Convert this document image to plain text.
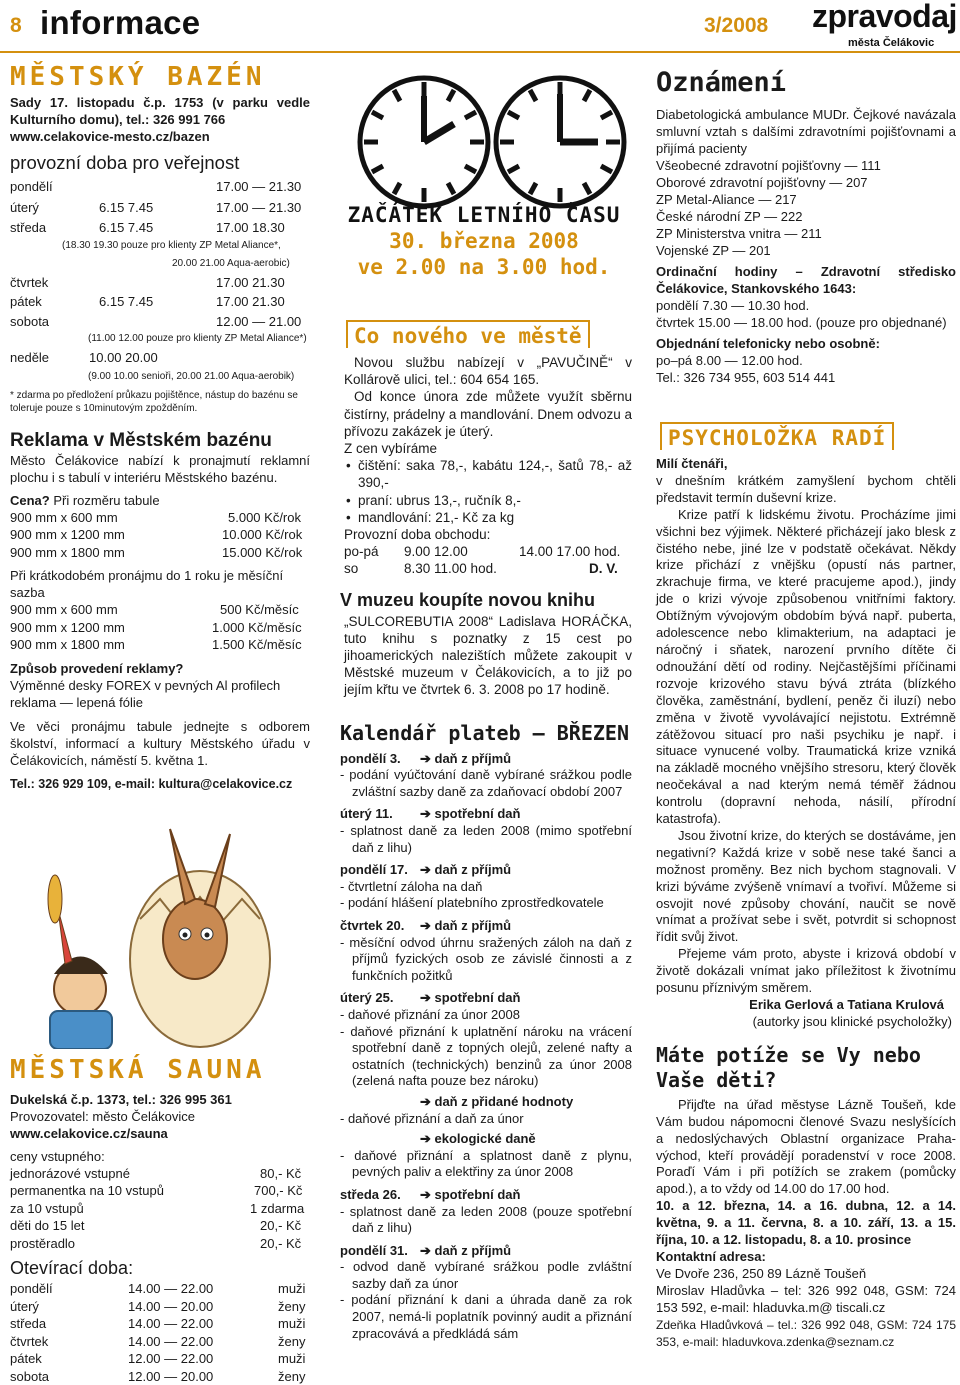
8 informace	3/2008 zpravodaj
města Čelákovic
MĚSTSKÝ BAZÉN
Sady 17. listopadu č.p. 1753 (v parku vedle Kulturního domu), tel.: 326 991 766
www.celakovice-mesto.cz/bazen
provozní doba pro veřejnost
pondělí	17.00 — 21.30
úterý	6.15 7.45	17.00 — 21.30
středa	6.15 7.45	17.00 18.30
(18.30 19.30 pouze pro klienty ZP Metal Aliance*,
20.00 21.00 Aqua-aerobic)
čtvrtek	17.00 21.30
pátek	6.15 7.45	17.00 21.30
sobota	12.00 — 21.00
(11.00 12.00 pouze pro klienty ZP Metal Aliance*)
neděle	10.00 20.00
(9.00 10.00 senioři, 20.00 21.00 Aqua-aerobik)
* zdarma po předložení průkazu pojištěnce, nástup do bazénu se toleruje pouze s 10minutovým zpožděním.
Reklama v Městském bazénu
Město Čelákovice nabízí k pronajmutí reklamní plochu i s tabulí v interiéru Městského bazénu.
Cena? Při rozměru tabule
900 mm x 600 mm	5.000 Kč/rok
900 mm x 1200 mm	10.000 Kč/rok
900 mm x 1800 mm	15.000 Kč/rok
Při krátkodobém pronájmu do 1 roku je měsíční sazba
900 mm x 600 mm	500 Kč/měsíc
900 mm x 1200 mm	1.000 Kč/měsíc
900 mm x 1800 mm	1.500 Kč/měsíc
Způsob provedení reklamy?
Výměnné desky FOREX v pevných Al profilech reklama — lepená fólie
Ve věci pronájmu tabule jednejte s odborem školství, informací a kultury Městského úřadu v Čelákovicích, náměstí 5. května 1.
Tel.: 326 929 109, e-mail: kultura@celakovice.cz
MĚSTSKÁ SAUNA
Dukelská č.p. 1373, tel.: 326 995 361
Provozovatel: město Čelákovice
www.celakovice.cz/sauna
ceny vstupného:
jednorázové vstupné	80,- Kč
permanentka na 10 vstupů	700,- Kč
za 10 vstupů	1 zdarma
děti do 15 let	20,- Kč
prostěradlo	20,- Kč
Otevírací doba:
pondělí	14.00 — 22.00	muži
úterý	14.00 — 20.00	ženy
středa	14.00 — 22.00	muži
čtvrtek	14.00 — 22.00	ženy
pátek	12.00 — 22.00	muži
sobota	12.00 — 20.00	ženy
ZAČÁTEK LETNÍHO ČASU
30. března 2008
ve 2.00 na 3.00 hod.
Co nového ve městě
Novou službu nabízejí v „PAVUČINĚ“ v Kollárově ulici, tel.: 604 654 165.
Od konce února zde můžete využít sběrnu čistírny, prádelny a mandlování. Dnem odvozu a přívozu zakázek je úterý.
Z cen vybíráme
• čištění: saka 78,-, kabátu 124,-, šatů 78,- až 390,-
• praní: ubrus 13,-, ručník 8,-
• mandlování: 21,- Kč za kg
Provozní doba obchodu:
po-pá	9.00 12.00	14.00 17.00 hod.
so	8.30 11.00 hod.	D. V.
V muzeu koupíte novou knihu
„SULCOREBUTIA 2008“ Ladislava HORÁČKA, tuto knihu s poznatky z 15 cest po jihoamerických nalezištích můžete zakoupit v Městské muzeum v Čelákovicích, a to již po jejím křtu ve čtvrtek 6. 3. 2008 po 17 hodině.
Kalendář plateb – BŘEZEN
pondělí 3. ➔ daň z příjmů
- podání vyúčtování daně vybírané srážkou podle zvláštní sazby daně za zdaňovací období 2007
úterý 11. ➔ spotřební daň
- splatnost daně za leden 2008 (mimo spotřební daň z lihu)
pondělí 17. ➔ daň z příjmů
- čtvrtletní záloha na daň
- podání hlášení platebního zprostředkovatele
čtvrtek 20. ➔ daň z příjmů
- měsíční odvod úhrnu sražených záloh na daň z příjmů fyzických osob ze závislé činnosti a z funkčních požitků
úterý 25. ➔ spotřební daň
- daňové přiznání za únor 2008
- daňové přiznání k uplatnění nároku na vrácení spotřební daně z topných olejů, zelené nafty a ostatních (technických) benzinů za únor 2008 (zelená nafta pouze bez nároku)
➔ daň z přidané hodnoty
- daňové přiznání a daň za únor
➔ ekologické daně
- daňové přiznání a splatnost daně z plynu, pevných paliv a elektřiny za únor 2008
středa 26. ➔ spotřební daň
- splatnost daně za leden 2008 (pouze spotřební daň z lihu)
pondělí 31. ➔ daň z příjmů
- odvod daně vybírané srážkou podle zvláštní sazby daň za únor
- podání přiznání k dani a úhrada daně za rok 2007, nemá-li poplatník povinný audit a přiznání zpracovává a předkládá sám
Oznámení
Diabetologická ambulance MUDr. Čejkové navázala smluvní vztah s dalšími zdravotními pojišťovnami a přijímá pacienty
Všeobecné zdravotní pojišťovny — 111
Oborové zdravotní pojišťovny — 207
ZP Metal-Aliance — 217
České národní ZP — 222
ZP Ministerstva vnitra — 211
Vojenské ZP — 201
Ordinační hodiny – Zdravotní středisko Čelákovice, Stankovského 1643:
pondělí 7.30 — 10.30 hod.
čtvrtek 15.00 — 18.00 hod. (pouze pro objednané)
Objednání telefonicky nebo osobně:
po–pá 8.00 — 12.00 hod.
Tel.: 326 734 955, 603 514 441
PSYCHOLOŽKA RADÍ
Milí čtenáři,
v dnešním krátkém zamyšlení bychom chtěli představit termín duševní krize.
Krize patří k lidskému životu. Procházíme jimi všichni bez výjimek. Některé přicházejí jako blesk z čistého nebe, jiné lze v podstatě očekávat. Někdy krize přichází z vnějšku (opustí nás partner, zkrachuje firma, ve které pracujeme apod.), jindy jde o krizi vývoje způsobenou vnitřními faktory. Obtížným vývojovým obdobím bývá např. puberta, adolescence nebo klimakterium, na adaptaci je náročný i sňatek, narození prvního dítěte či odnoužání dětí od rodiny. Nejčastějšími příčinami rozvoje krizového stavu bývá ztráta (blízkého člověka, zaměstnání, bydlení, peněz či iluzí) nebo změna v životě vyvolávající nejistotu. Extrémně zátěžovou situací pro naši psychiku je např. i situace vynucené volby. Traumatická krize vzniká na základě mocného vnějšího stresoru, který člověk neočekával a nad kterým nemá téměř žádnou kontrolu (dopravní nehoda, násilí, přírodní katastrofa).
Jsou životní krize, do kterých se dostáváme, jen negativní? Každá krize v sobě nese také šanci a možnost proměny. Bez nich bychom stagnovali. V krizi býváme zvýšeně vnímaví a tvořiví. Můžeme si osvojit nové způsoby chování, naučit se nově vnímat a prožívat sebe i svět, potvrdit si schopnost řídit svůj život.
Přejeme vám proto, abyste i krizová období v životě dokázali vnímat jako příležitost k životnímu posunu příznivým směrem.
Erika Gerlová a Tatiana Krulová
(autorky jsou klinické psycholožky)
Máte potíže se Vy nebo Vaše děti?
Přijďte na úřad městyse Lázně Toušeň, kde Vám budou nápomocni členové Svazu neslyšících a nedoslýchavých Oblastní organizace Praha-východ, kteří provádějí poradenství v roce 2008. Poraďí Vám i při potížích se zrakem (pomůcky apod.), a to vždy od 14.00 do 17.00 hod.
10. a 12. března, 14. a 16. dubna, 12. a 14. května, 9. a 11. června, 8. a 10. září, 13. a 15. října, 10. a 12. listopadu, 8. a 10. prosince
Kontaktní adresa:
Ve Dvoře 236, 250 89 Lázně Toušeň
Miroslav Hladůvka – tel: 326 992 048, GSM: 724 153 592, e-mail: hladuvka.m@ tiscali.cz
Zdeňka Hladůvková – tel.: 326 992 048, GSM: 724 175 353, e-mail: hladuvkova.zdenka@seznam.cz
